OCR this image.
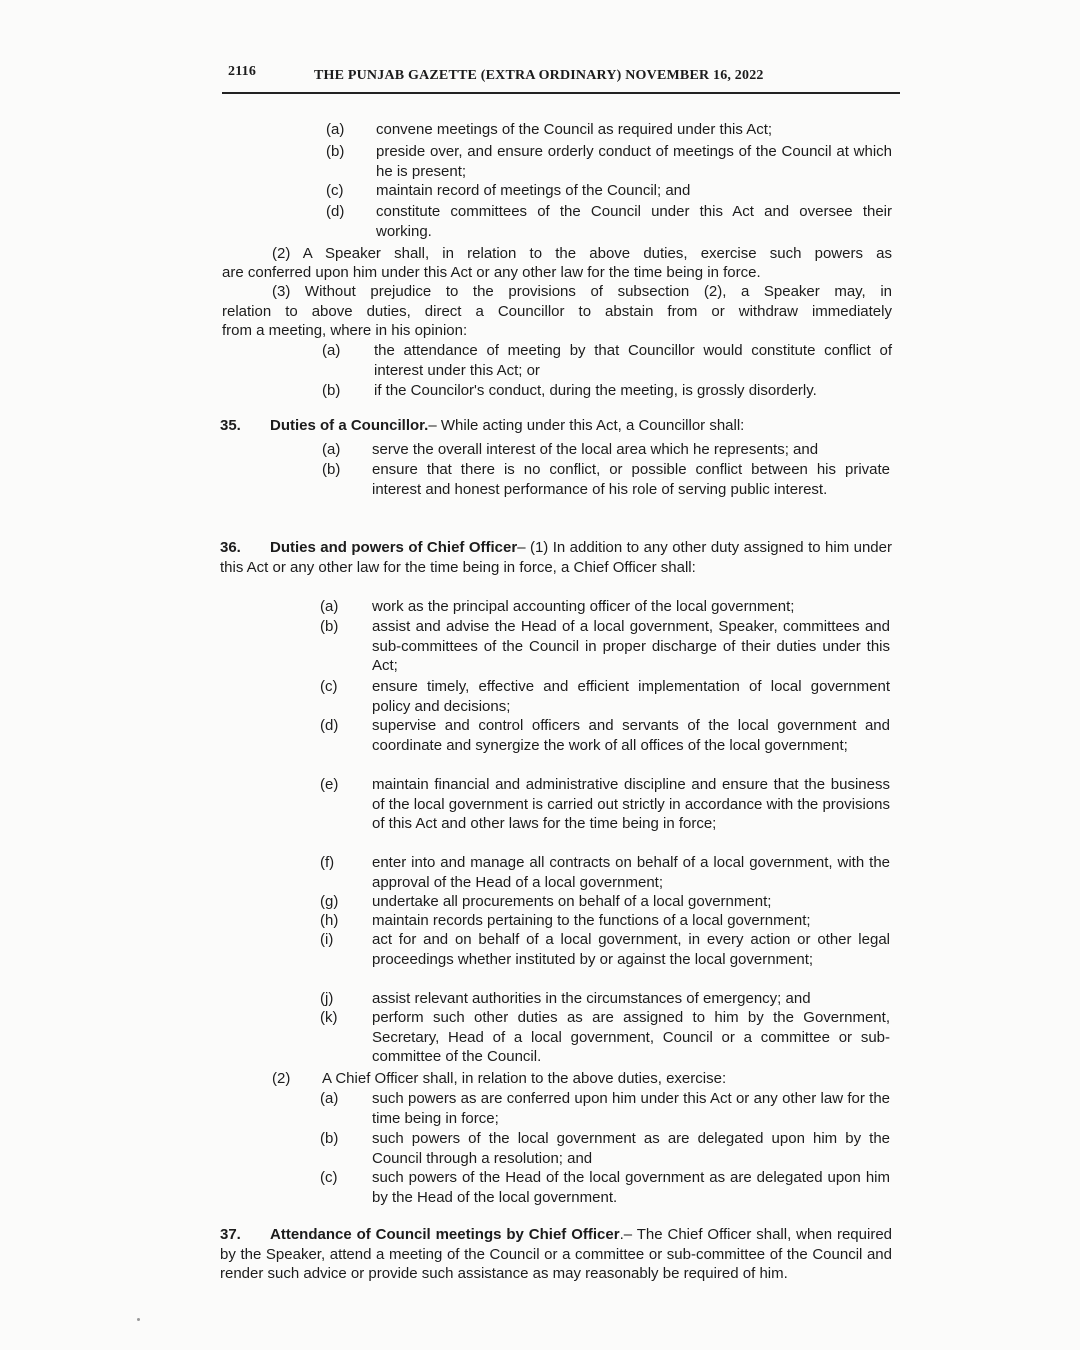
2116	THE PUNJAB GAZETTE (EXTRA ORDINARY) NOVEMBER 16, 2022
(a) convene meetings of the Council as required under this Act;
(b) preside over, and ensure orderly conduct of meetings of the Council at which he is present;
(c) maintain record of meetings of the Council; and
(d) constitute committees of the Council under this Act and oversee their working.
(2) A Speaker shall, in relation to the above duties, exercise such powers as
are conferred upon him under this Act or any other law for the time being in force.
(3) Without prejudice to the provisions of subsection (2), a Speaker may, in
relation to above duties, direct a Councillor to abstain from or withdraw immediately
from a meeting, where in his opinion:
(a) the attendance of meeting by that Councillor would constitute conflict of interest under this Act; or
(b) if the Councilor's conduct, during the meeting, is grossly disorderly.
35. Duties of a Councillor.– While acting under this Act, a Councillor shall:
(a) serve the overall interest of the local area which he represents; and
(b) ensure that there is no conflict, or possible conflict between his private interest and honest performance of his role of serving public interest.
36. Duties and powers of Chief Officer– (1) In addition to any other duty assigned to him under this Act or any other law for the time being in force, a Chief Officer shall:
(a) work as the principal accounting officer of the local government;
(b) assist and advise the Head of a local government, Speaker, committees and sub-committees of the Council in proper discharge of their duties under this Act;
(c) ensure timely, effective and efficient implementation of local government policy and decisions;
(d) supervise and control officers and servants of the local government and coordinate and synergize the work of all offices of the local government;
(e) maintain financial and administrative discipline and ensure that the business of the local government is carried out strictly in accordance with the provisions of this Act and other laws for the time being in force;
(f)	enter into and manage all contracts on behalf of a local government, with the approval of the Head of a local government;
(g) undertake all procurements on behalf of a local government;
(h) maintain records pertaining to the functions of a local government;
(i)	act for and on behalf of a local government, in every action or other legal proceedings whether instituted by or against the local government;
(j)	assist relevant authorities in the circumstances of emergency; and
(k) perform such other duties as are assigned to him by the Government, Secretary, Head of a local government, Council or a committee or sub-committee of the Council.
(2) A Chief Officer shall, in relation to the above duties, exercise:
(a) such powers as are conferred upon him under this Act or any other law for the time being in force;
(b) such powers of the local government as are delegated upon him by the Council through a resolution; and
(c) such powers of the Head of the local government as are delegated upon him by the Head of the local government.
37. Attendance of Council meetings by Chief Officer.– The Chief Officer shall, when required by the Speaker, attend a meeting of the Council or a committee or sub-committee of the Council and render such advice or provide such assistance as may reasonably be required of him.
